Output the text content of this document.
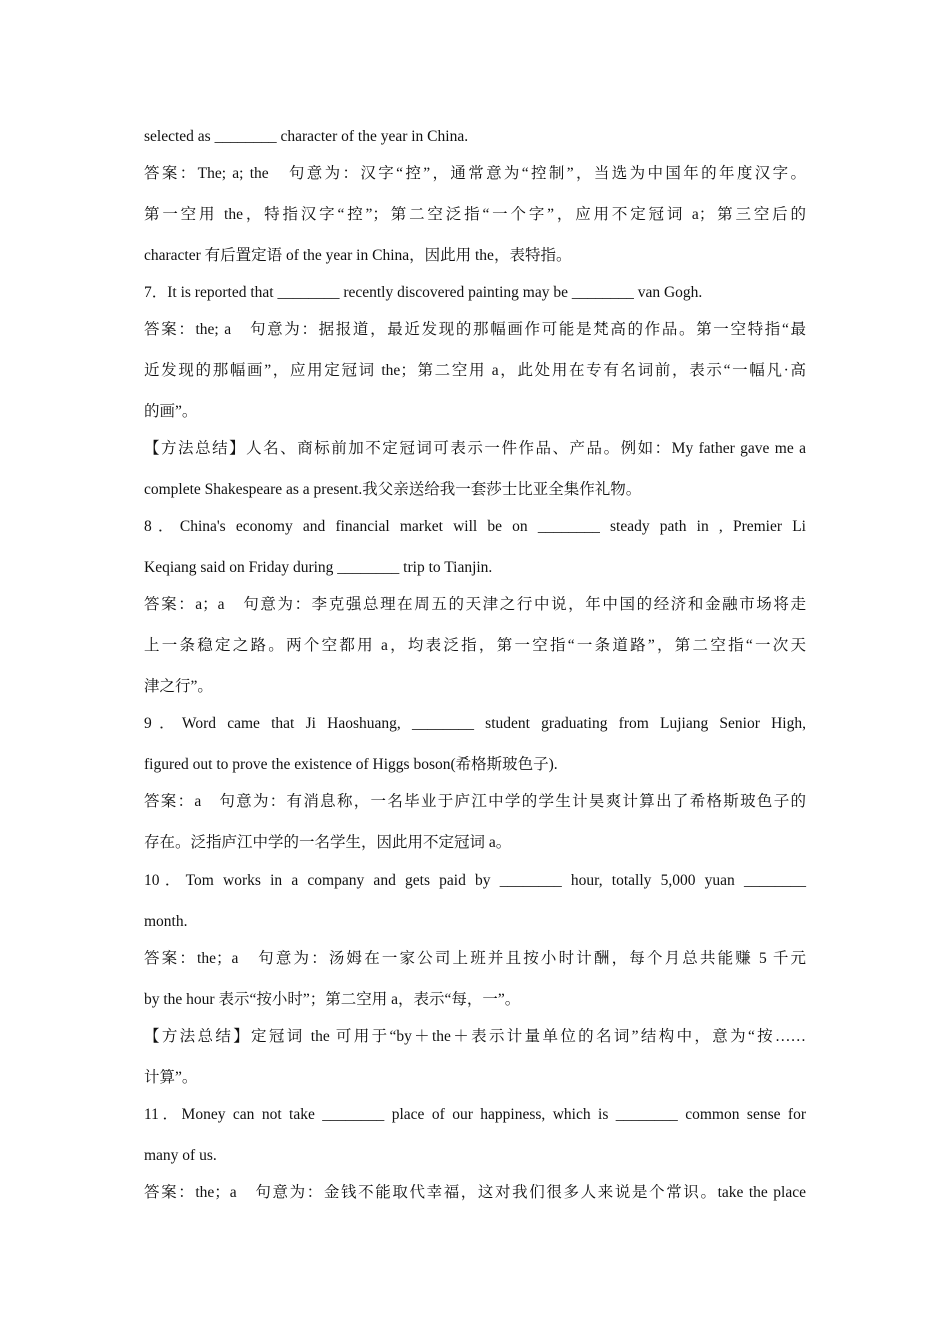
selected as ________ character of the year in China.
答案：The; a; the　句意为：汉字“控”，通常意为“控制”，当选为中国年的年度汉字。
第一空用 the，特指汉字“控”；第二空泛指“一个字”，应用不定冠词 a；第三空后的
character 有后置定语 of the year in China，因此用 the，表特指。
7．It is reported that ________ recently discovered painting may be ________ van Gogh.
答案：the; a　句意为：据报道，最近发现的那幅画作可能是梵高的作品。第一空特指“最
近发现的那幅画”，应用定冠词 the；第二空用 a，此处用在专有名词前，表示“一幅凡·高
的画”。
【方法总结】人名、商标前加不定冠词可表示一件作品、产品。例如：My father gave me a
complete Shakespeare as a present.我父亲送给我一套莎士比亚全集作礼物。
8．China's economy and financial market will be on ________ steady path in , Premier Li
Keqiang said on Friday during ________ trip to Tianjin.
答案：a；a　句意为：李克强总理在周五的天津之行中说，年中国的经济和金融市场将走
上一条稳定之路。两个空都用 a，均表泛指，第一空指“一条道路”，第二空指“一次天
津之行”。
9．Word came that Ji Haoshuang, ________ student graduating from Lujiang Senior High,
figured out to prove the existence of Higgs boson(希格斯玻色子).
答案：a　句意为：有消息称，一名毕业于庐江中学的学生计昊爽计算出了希格斯玻色子的
存在。泛指庐江中学的一名学生，因此用不定冠词 a。
10．Tom works in a company and gets paid by ________ hour, totally 5,000 yuan ________
month.
答案：the；a　句意为：汤姆在一家公司上班并且按小时计酬，每个月总共能赚 5 千元
by the hour 表示“按小时”；第二空用 a，表示“每，一”。
【方法总结】定冠词 the 可用于“by＋the＋表示计量单位的名词”结构中，意为“按……
计算”。
11．Money can not take ________ place of our happiness, which is ________ common sense for
many of us.
答案：the；a　句意为：金钱不能取代幸福，这对我们很多人来说是个常识。take the place
